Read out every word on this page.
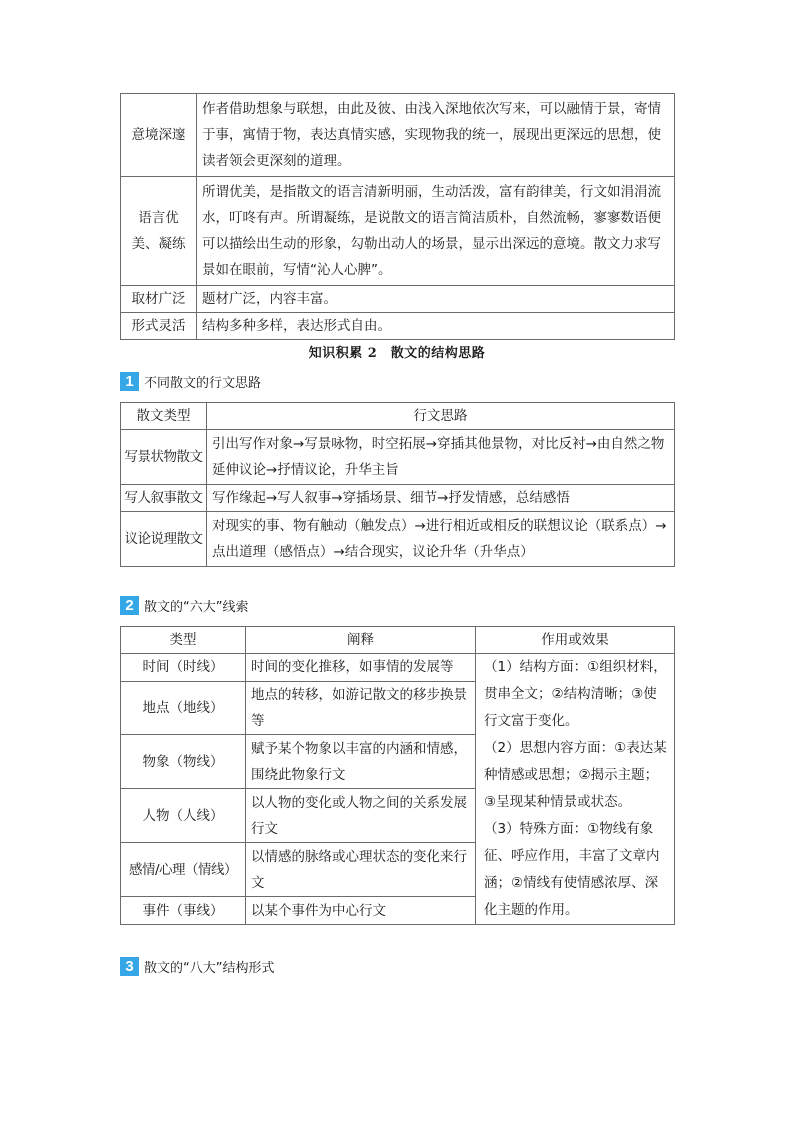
意境深邃	作者借助想象与联想，由此及彼、由浅入深地依次写来，可以融情于景，寄情于事，寓情于物，表达真情实感，实现物我的统一，展现出更深远的思想，使读者领会更深刻的道理。
语言优美、凝练	所谓优美，是指散文的语言清新明丽，生动活泼，富有韵律美，行文如涓涓流水，叮咚有声。所谓凝练，是说散文的语言简洁质朴，自然流畅，寥寥数语便可以描绘出生动的形象，勾勒出动人的场景，显示出深远的意境。散文力求写景如在眼前，写情“沁人心脾”。
取材广泛	题材广泛，内容丰富。
形式灵活	结构多种多样，表达形式自由。
知识积累 2　散文的结构思路
1 不同散文的行文思路
散文类型	行文思路
写景状物散文	引出写作对象→写景咏物，时空拓展→穿插其他景物，对比反衬→由自然之物延伸议论→抒情议论，升华主旨
写人叙事散文	写作缘起→写人叙事→穿插场景、细节→抒发情感，总结感悟
议论说理散文	对现实的事、物有触动（触发点）→进行相近或相反的联想议论（联系点）→点出道理（感悟点）→结合现实，议论升华（升华点）
2 散文的“六大”线索
类型	阐释	作用或效果
时间（时线）	时间的变化推移，如事情的发展等	（1）结构方面：①组织材料，贯串全文；②结构清晰；③使行文富于变化。
（2）思想内容方面：①表达某种情感或思想；②揭示主题；③呈现某种情景或状态。
（3）特殊方面：①物线有象征、呼应作用，丰富了文章内涵；②情线有使情感浓厚、深化主题的作用。

地点（地线）	地点的转移，如游记散文的移步换景等	
物象（物线）	赋予某个物象以丰富的内涵和情感，围绕此物象行文	
人物（人线）	以人物的变化或人物之间的关系发展行文	
感情/心理（情线）	以情感的脉络或心理状态的变化来行文	
事件（事线）	以某个事件为中心行文	
3 散文的“八大”结构形式
